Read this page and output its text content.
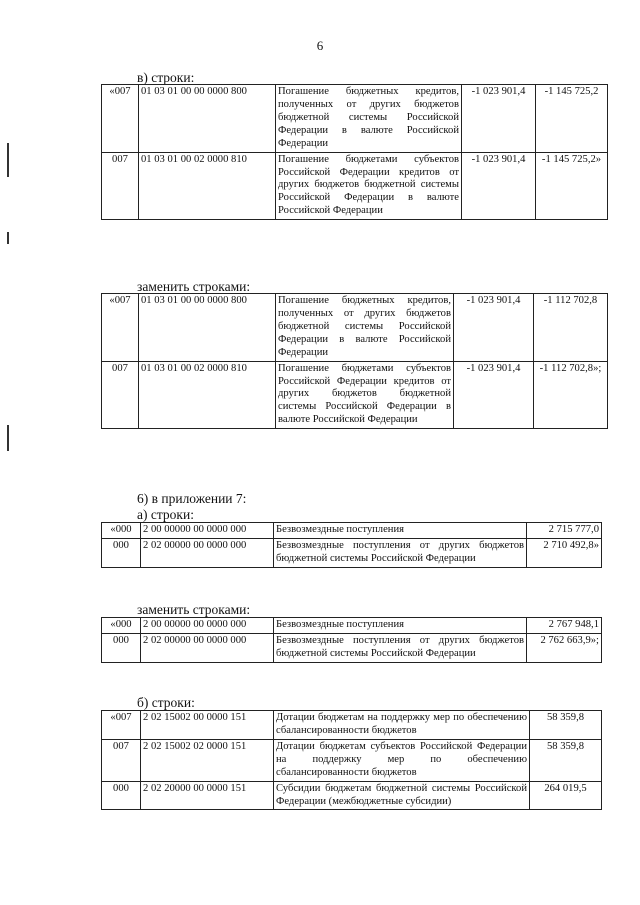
6
в) строки:
«007	01 03 01 00 00 0000 800	Погашение бюджетных кредитов, полученных от других бюджетов бюджетной системы Российской Федерации в валюте Российской Федерации	-1 023 901,4	-1 145 725,2
007	01 03 01 00 02 0000 810	Погашение бюджетами субъектов Российской Федерации кредитов от других бюджетов бюджетной системы Российской Федерации в валюте Российской Федерации	-1 023 901,4	-1 145 725,2»
заменить строками:
«007	01 03 01 00 00 0000 800	Погашение бюджетных кредитов, полученных от других бюджетов бюджетной системы Российской Федерации в валюте Российской Федерации	-1 023 901,4	-1 112 702,8
007	01 03 01 00 02 0000 810	Погашение бюджетами субъектов Российской Федерации кредитов от других бюджетов бюджетной системы Российской Федерации в валюте Российской Федерации	-1 023 901,4	-1 112 702,8»;
6) в приложении 7:
а) строки:
«000	2 00 00000 00 0000 000	Безвозмездные поступления	2 715 777,0
000	2 02 00000 00 0000 000	Безвозмездные поступления от других бюджетов бюджетной системы Российской Федерации	2 710 492,8»
заменить строками:
«000	2 00 00000 00 0000 000	Безвозмездные поступления	2 767 948,1
000	2 02 00000 00 0000 000	Безвозмездные поступления от других бюджетов бюджетной системы Российской Федерации	2 762 663,9»;
б) строки:
«007	2 02 15002 00 0000 151	Дотации бюджетам на поддержку мер по обеспечению сбалансированности бюджетов	58 359,8
007	2 02 15002 02 0000 151	Дотации бюджетам субъектов Российской Федерации на поддержку мер по обеспечению сбалансированности бюджетов	58 359,8
000	2 02 20000 00 0000 151	Субсидии бюджетам бюджетной системы Российской Федерации (межбюджетные субсидии)	264 019,5
